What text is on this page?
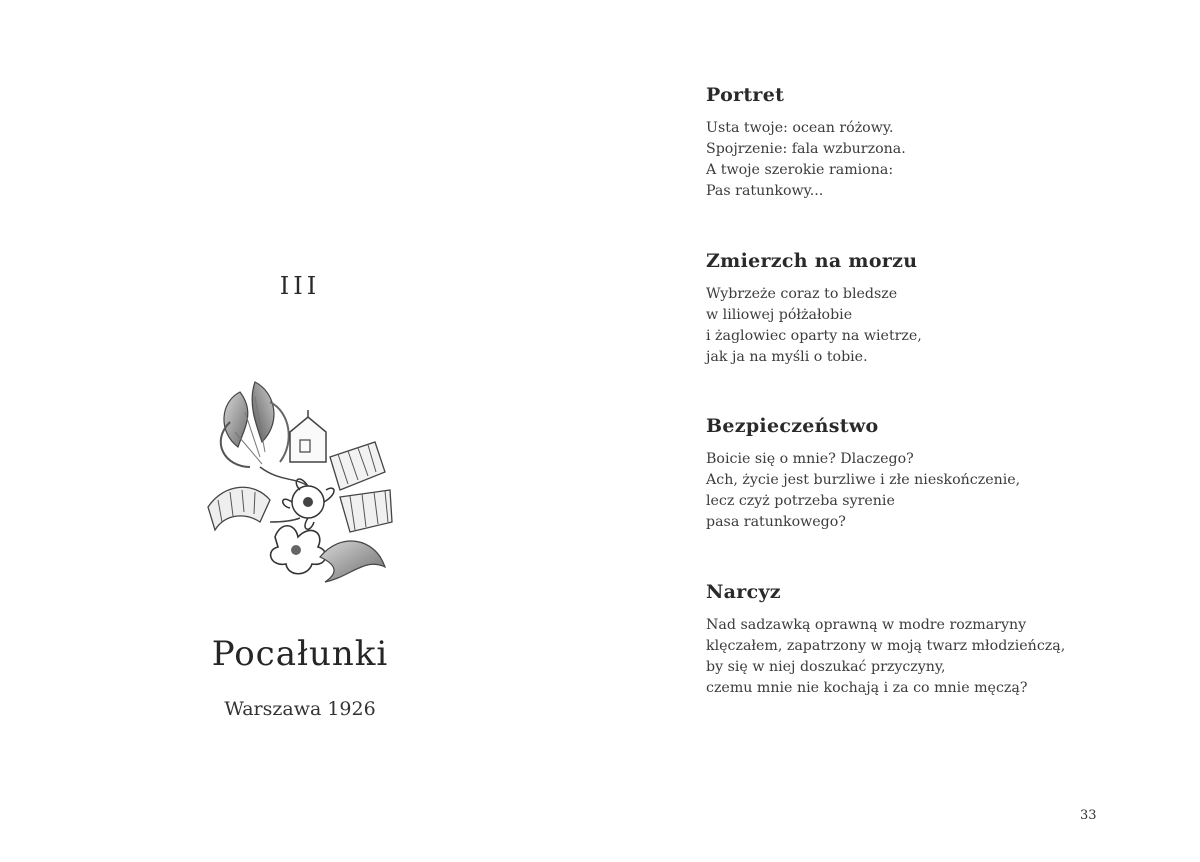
III
Pocałunki
Warszawa 1926
Portret
Usta twoje: ocean różowy.
Spojrzenie: fala wzburzona.
A twoje szerokie ramiona:
Pas ratunkowy...
Zmierzch na morzu
Wybrzeże coraz to bledsze
w liliowej półżałobie
i żaglowiec oparty na wietrze,
jak ja na myśli o tobie.
Bezpieczeństwo
Boicie się o mnie? Dlaczego?
Ach, życie jest burzliwe i złe nieskończenie,
lecz czyż potrzeba syrenie
pasa ratunkowego?
Narcyz
Nad sadzawką oprawną w modre rozmaryny
klęczałem, zapatrzony w moją twarz młodzieńczą,
by się w niej doszukać przyczyny,
czemu mnie nie kochają i za co mnie męczą?
33
